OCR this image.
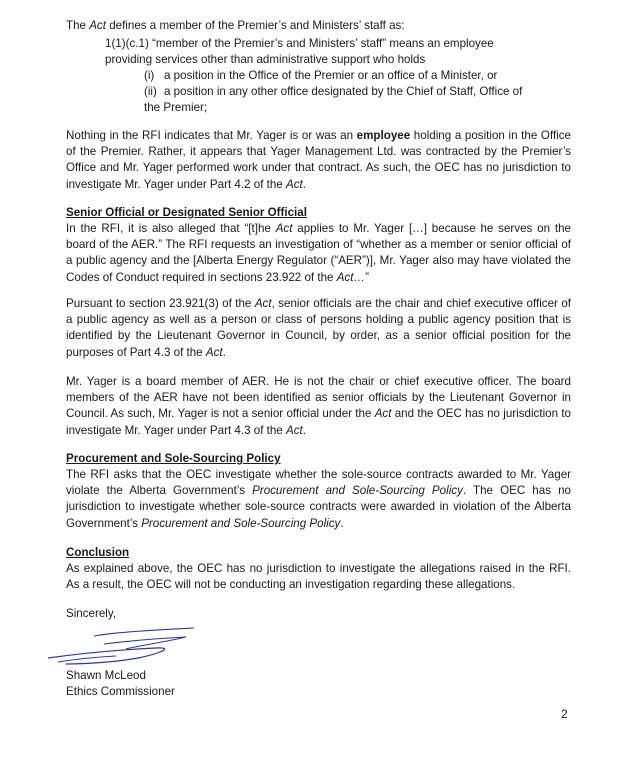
The Act defines a member of the Premier’s and Ministers’ staff as:

1(1)(c.1) “member of the Premier’s and Ministers’ staff” means an employee

providing services other than administrative support who holds

(i) a position in the Office of the Premier or an office of a Minister, or

(ii) a position in any other office designated by the Chief of Staff, Office of

the Premier;

Nothing in the RFI indicates that Mr. Yager is or was an employee holding a position in the Office of the Premier. Rather, it appears that Yager Management Ltd. was contracted by the Premier’s Office and Mr. Yager performed work under that contract. As such, the OEC has no jurisdiction to investigate Mr. Yager under Part 4.2 of the Act.

Senior Official or Designated Senior Official

In the RFI, it is also alleged that “[t]he Act applies to Mr. Yager […] because he serves on the board of the AER.” The RFI requests an investigation of “whether as a member or senior official of a public agency and the [Alberta Energy Regulator (“AER”)], Mr. Yager also may have violated the Codes of Conduct required in sections 23.922 of the Act…”

Pursuant to section 23.921(3) of the Act, senior officials are the chair and chief executive officer of a public agency as well as a person or class of persons holding a public agency position that is identified by the Lieutenant Governor in Council, by order, as a senior official position for the purposes of Part 4.3 of the Act.

Mr. Yager is a board member of AER. He is not the chair or chief executive officer. The board members of the AER have not been identified as senior officials by the Lieutenant Governor in Council. As such, Mr. Yager is not a senior official under the Act and the OEC has no jurisdiction to investigate Mr. Yager under Part 4.3 of the Act.

Procurement and Sole-Sourcing Policy

The RFI asks that the OEC investigate whether the sole-source contracts awarded to Mr. Yager violate the Alberta Government’s Procurement and Sole-Sourcing Policy. The OEC has no jurisdiction to investigate whether sole-source contracts were awarded in violation of the Alberta Government’s Procurement and Sole-Sourcing Policy.

Conclusion

As explained above, the OEC has no jurisdiction to investigate the allegations raised in the RFI. As a result, the OEC will not be conducting an investigation regarding these allegations.

Sincerely,

Shawn McLeod

Ethics Commissioner

2
